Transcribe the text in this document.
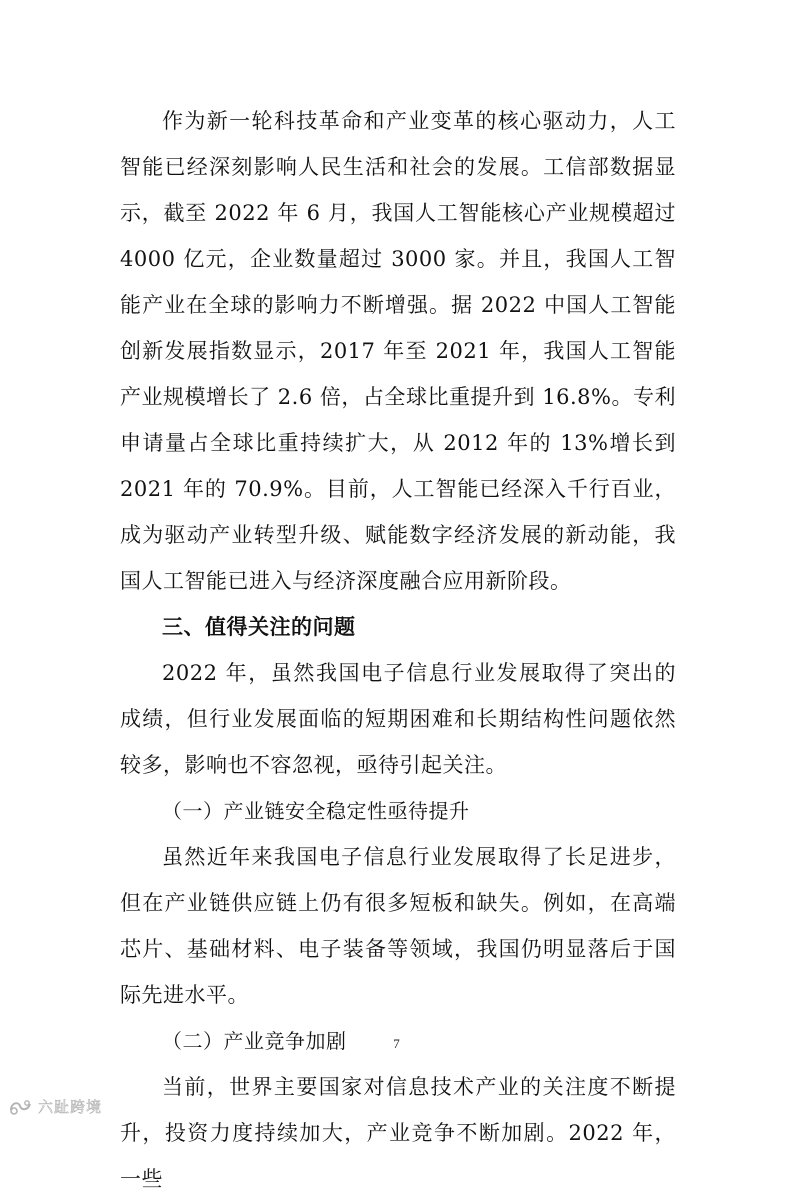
作为新一轮科技革命和产业变革的核心驱动力，人工智能已经深刻影响人民生活和社会的发展。工信部数据显示，截至 2022 年 6 月，我国人工智能核心产业规模超过 4000 亿元，企业数量超过 3000 家。并且，我国人工智能产业在全球的影响力不断增强。据 2022 中国人工智能创新发展指数显示，2017 年至 2021 年，我国人工智能产业规模增长了 2.6 倍，占全球比重提升到 16.8%。专利申请量占全球比重持续扩大，从 2012 年的 13%增长到 2021 年的 70.9%。目前，人工智能已经深入千行百业，成为驱动产业转型升级、赋能数字经济发展的新动能，我国人工智能已进入与经济深度融合应用新阶段。

三、值得关注的问题

2022 年，虽然我国电子信息行业发展取得了突出的成绩，但行业发展面临的短期困难和长期结构性问题依然较多，影响也不容忽视，亟待引起关注。

（一）产业链安全稳定性亟待提升

虽然近年来我国电子信息行业发展取得了长足进步，但在产业链供应链上仍有很多短板和缺失。例如，在高端芯片、基础材料、电子装备等领域，我国仍明显落后于国际先进水平。

（二）产业竞争加剧

当前，世界主要国家对信息技术产业的关注度不断提升，投资力度持续加大，产业竞争不断加剧。2022 年，一些

7
六趾跨境
